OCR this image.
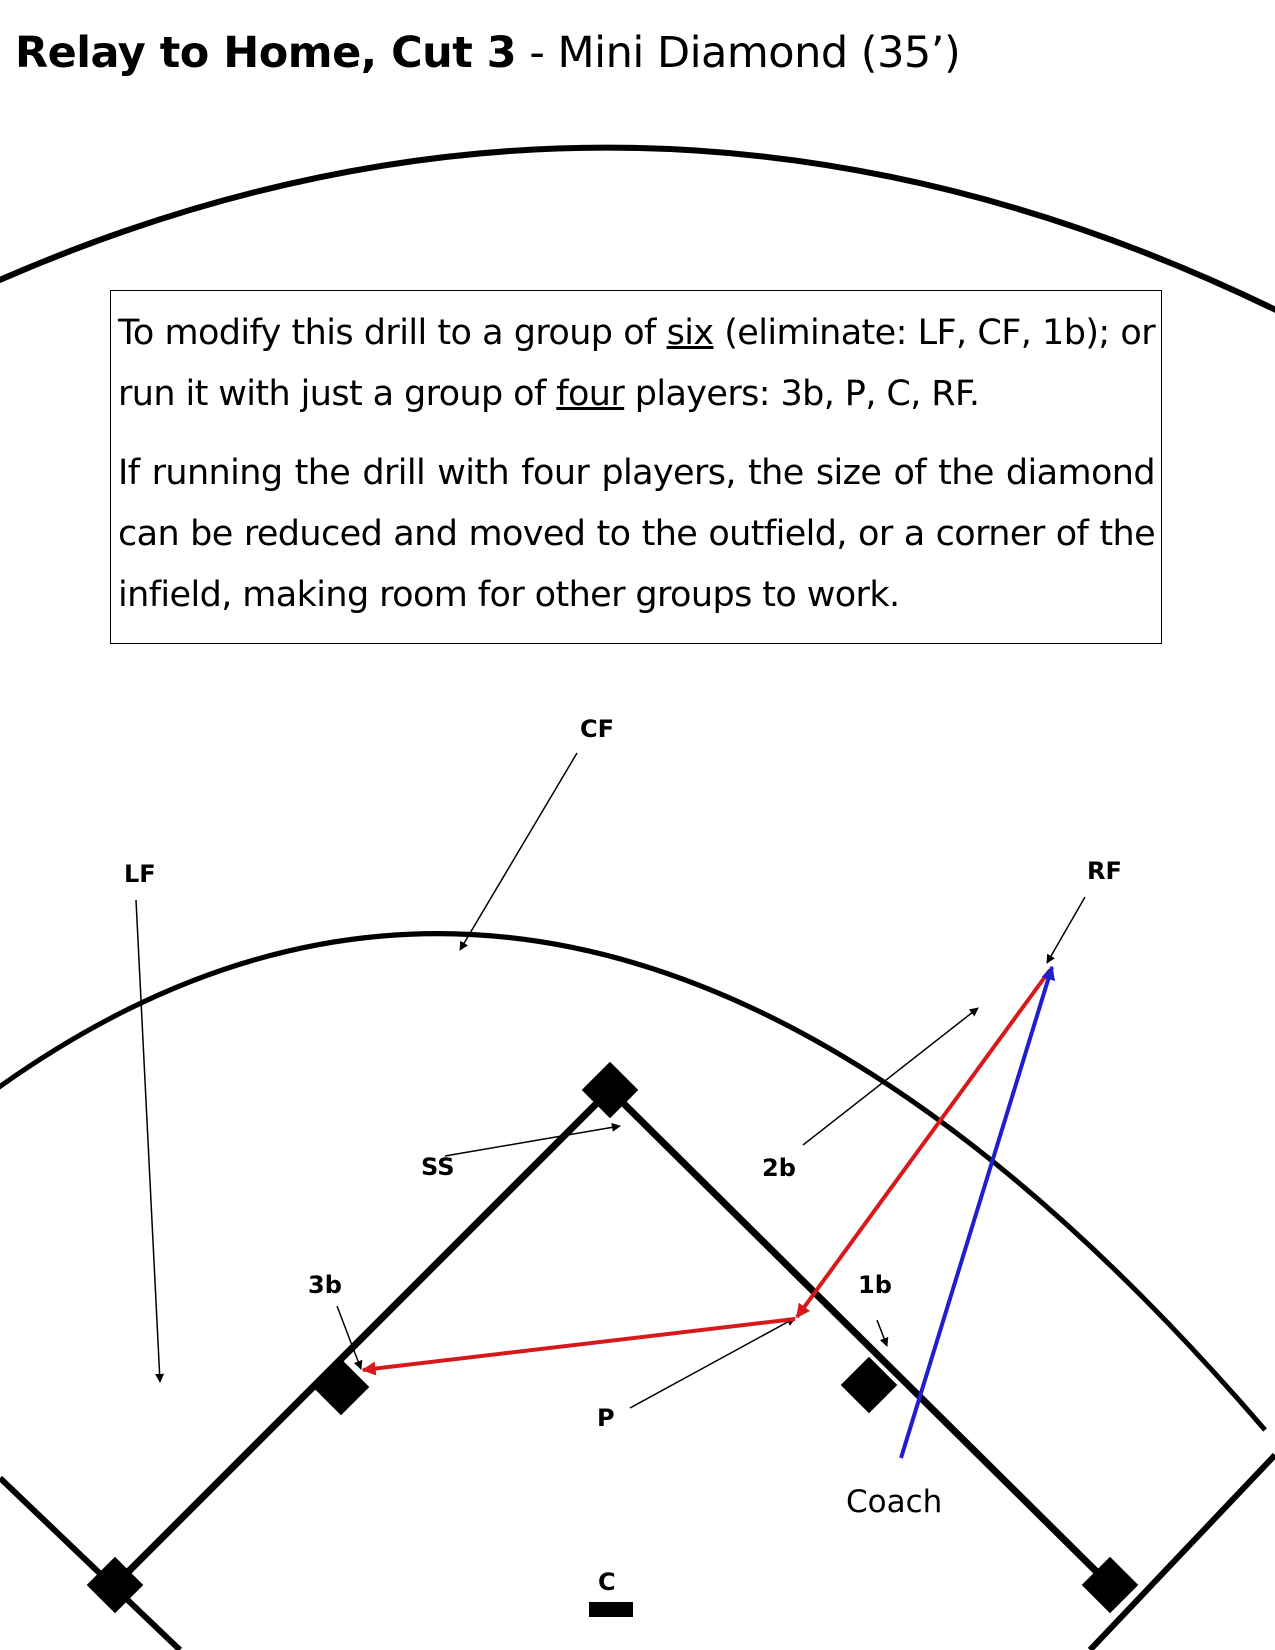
Relay to Home, Cut 3 - Mini Diamond (35’)
CF
LF	RF
SS	2b
3b	1b
P
C
Coach

To modify this drill to a group of six (eliminate: LF, CF, 1b); or run it with just a group of four players: 3b, P, C, RF.

If running the drill with four players, the size of the diamond can be reduced and moved to the outfield, or a corner of the infield, making room for other groups to work.
